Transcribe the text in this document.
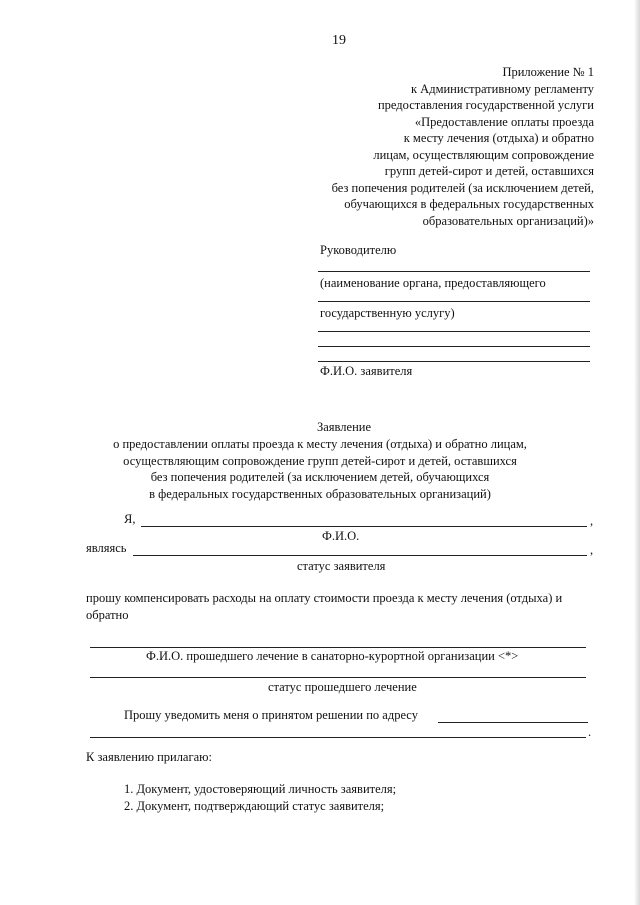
19
Приложение № 1
к Административному регламенту
предоставления государственной услуги
«Предоставление оплаты проезда
к месту лечения (отдыха) и обратно
лицам, осуществляющим сопровождение
групп детей-сирот и детей, оставшихся
без попечения родителей (за исключением детей,
обучающихся в федеральных государственных
образовательных организаций)»
Руководителю
(наименование органа, предоставляющего
государственную услугу)
Ф.И.О. заявителя
Заявление
о предоставлении оплаты проезда к месту лечения (отдыха) и обратно лицам,
осуществляющим сопровождение групп детей-сирот и детей, оставшихся
без попечения родителей (за исключением детей, обучающихся
в федеральных государственных образовательных организаций)
Я,	,
Ф.И.О.
являясь	,
статус заявителя
прошу компенсировать расходы на оплату стоимости проезда к месту лечения (отдыха) и
обратно
Ф.И.О. прошедшего лечение в санаторно-курортной организации <*>
статус прошедшего лечение
Прошу уведомить меня о принятом решении по адресу
.
К заявлению прилагаю:
1. Документ, удостоверяющий личность заявителя;
2. Документ, подтверждающий статус заявителя;
